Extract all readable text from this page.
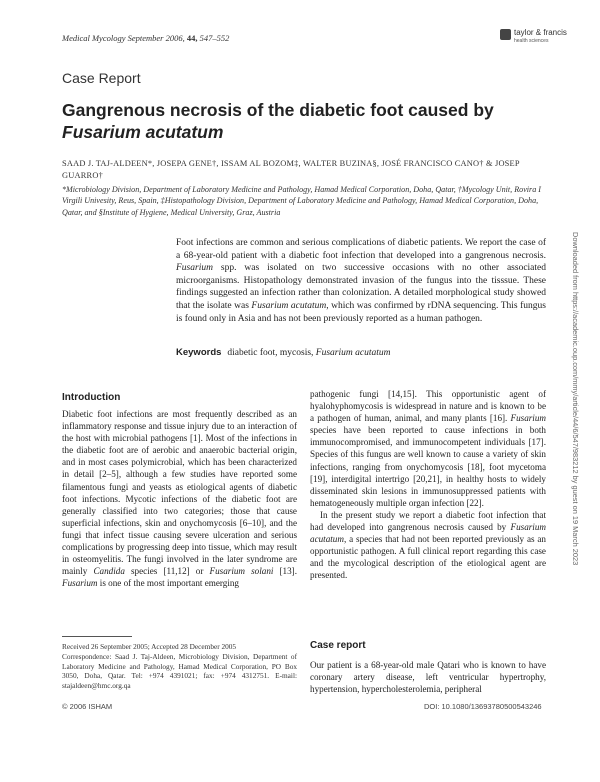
Medical Mycology September 2006, 44, 547–552
taylor & francis
health sciences
Case Report
Gangrenous necrosis of the diabetic foot caused by
Fusarium acutatum
SAAD J. TAJ-ALDEEN*, JOSEPA GENE†, ISSAM AL BOZOM‡, WALTER BUZINA§, JOSÉ FRANCISCO CANO† & JOSEP GUARRO†
*Microbiology Division, Department of Laboratory Medicine and Pathology, Hamad Medical Corporation, Doha, Qatar, †Mycology Unit, Rovira I Virgili Univesity, Reus, Spain, ‡Histopathology Division, Department of Laboratory Medicine and Pathology, Hamad Medical Corporation, Doha, Qatar, and §Institute of Hygiene, Medical University, Graz, Austria
Downloaded from https://academic.oup.com/mmy/article/44/6/547/983212 by guest on 19 March 2023
Foot infections are common and serious complications of diabetic patients. We report the case of a 68-year-old patient with a diabetic foot infection that developed into a gangrenous necrosis. Fusarium spp. was isolated on two successive occasions with no other associated microorganisms. Histopathology demonstrated invasion of the fungus into the tisssue. These findings suggested an infection rather than colonization. A detailed morphological study showed that the isolate was Fusarium acutatum, which was confirmed by rDNA sequencing. This fungus is found only in Asia and has not been previously reported as a human pathogen.
Keywords diabetic foot, mycosis, Fusarium acutatum
Introduction

Diabetic foot infections are most frequently described as an inflammatory response and tissue injury due to an interaction of the host with microbial pathogens [1]. Most of the infections in the diabetic foot are of aerobic and anaerobic bacterial origin, and in most cases polymicrobial, which has been characterized in detail [2–5], although a few studies have reported some filamentous fungi and yeasts as etiological agents of diabetic foot infections. Mycotic infections of the diabetic foot are generally classified into two categories; those that cause superficial infections, skin and onychomycosis [6–10], and the fungi that infect tissue causing severe ulceration and serious complications by progressing deep into tissue, which may result in osteomyelitis. The fungi involved in the later syndrome are mainly Candida species [11,12] or Fusarium solani [13]. Fusarium is one of the most important emerging

pathogenic fungi [14,15]. This opportunistic agent of hyalohyphomycosis is widespread in nature and is known to be a pathogen of human, animal, and many plants [16]. Fusarium species have been reported to cause infections in both immunocompromised, and immunocompetent individuals [17]. Species of this fungus are well known to cause a variety of skin infections, ranging from onychomycosis [18], foot mycetoma [19], interdigital intertrigo [20,21], in healthy hosts to widely disseminated skin lesions in immunosuppressed patients with hematogeneously multiple organ infection [22].

In the present study we report a diabetic foot infection that had developed into gangrenous necrosis caused by Fusarium acutatum, a species that had not been reported previously as an opportunistic pathogen. A full clinical report regarding this case and the mycological description of the etiological agent are presented.

Case report
Our patient is a 68-year-old male Qatari who is known to have coronary artery disease, left ventricular hypertrophy, hypertension, hypercholesterolemia, peripheral

Received 26 September 2005; Accepted 28 December 2005

Correspondence: Saad J. Taj-Aldeen, Microbiology Division, Department of Laboratory Medicine and Pathology, Hamad Medical Corporation, PO Box 3050, Doha, Qatar. Tel: +974 4391021; fax: +974 4312751. E-mail: stajaldeen@hmc.org.qa

© 2006 ISHAM	DOI: 10.1080/13693780500543246
